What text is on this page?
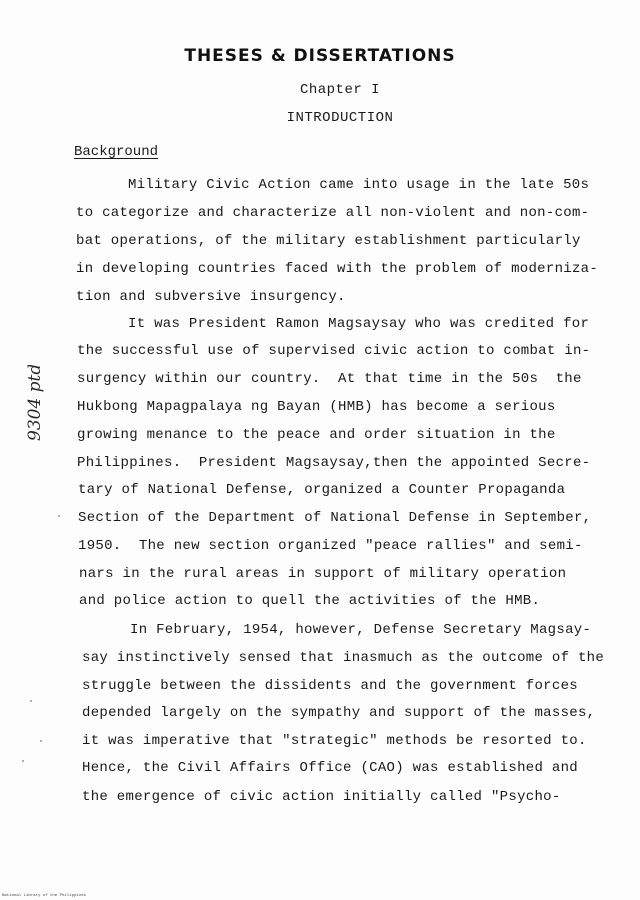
THESES & DISSERTATIONS
Chapter I
INTRODUCTION
Background
Military Civic Action came into usage in the late 50s
to categorize and characterize all non-violent and non-com-
bat operations, of the military establishment particularly
in developing countries faced with the problem of moderniza-
tion and subversive insurgency.
It was President Ramon Magsaysay who was credited for
the successful use of supervised civic action to combat in-
surgency within our country.  At that time in the 50s  the
Hukbong Mapagpalaya ng Bayan (HMB) has become a serious
growing menance to the peace and order situation in the
Philippines.  President Magsaysay,then the appointed Secre-
tary of National Defense, organized a Counter Propaganda
Section of the Department of National Defense in September,
1950.  The new section organized "peace rallies" and semi-
nars in the rural areas in support of military operation
and police action to quell the activities of the HMB.
In February, 1954, however, Defense Secretary Magsay-
say instinctively sensed that inasmuch as the outcome of the
struggle between the dissidents and the government forces
depended largely on the sympathy and support of the masses,
it was imperative that "strategic" methods be resorted to.
Hence, the Civil Affairs Office (CAO) was established and
the emergence of civic action initially called "Psycho-
9304 ptd
National Library of the Philippines
